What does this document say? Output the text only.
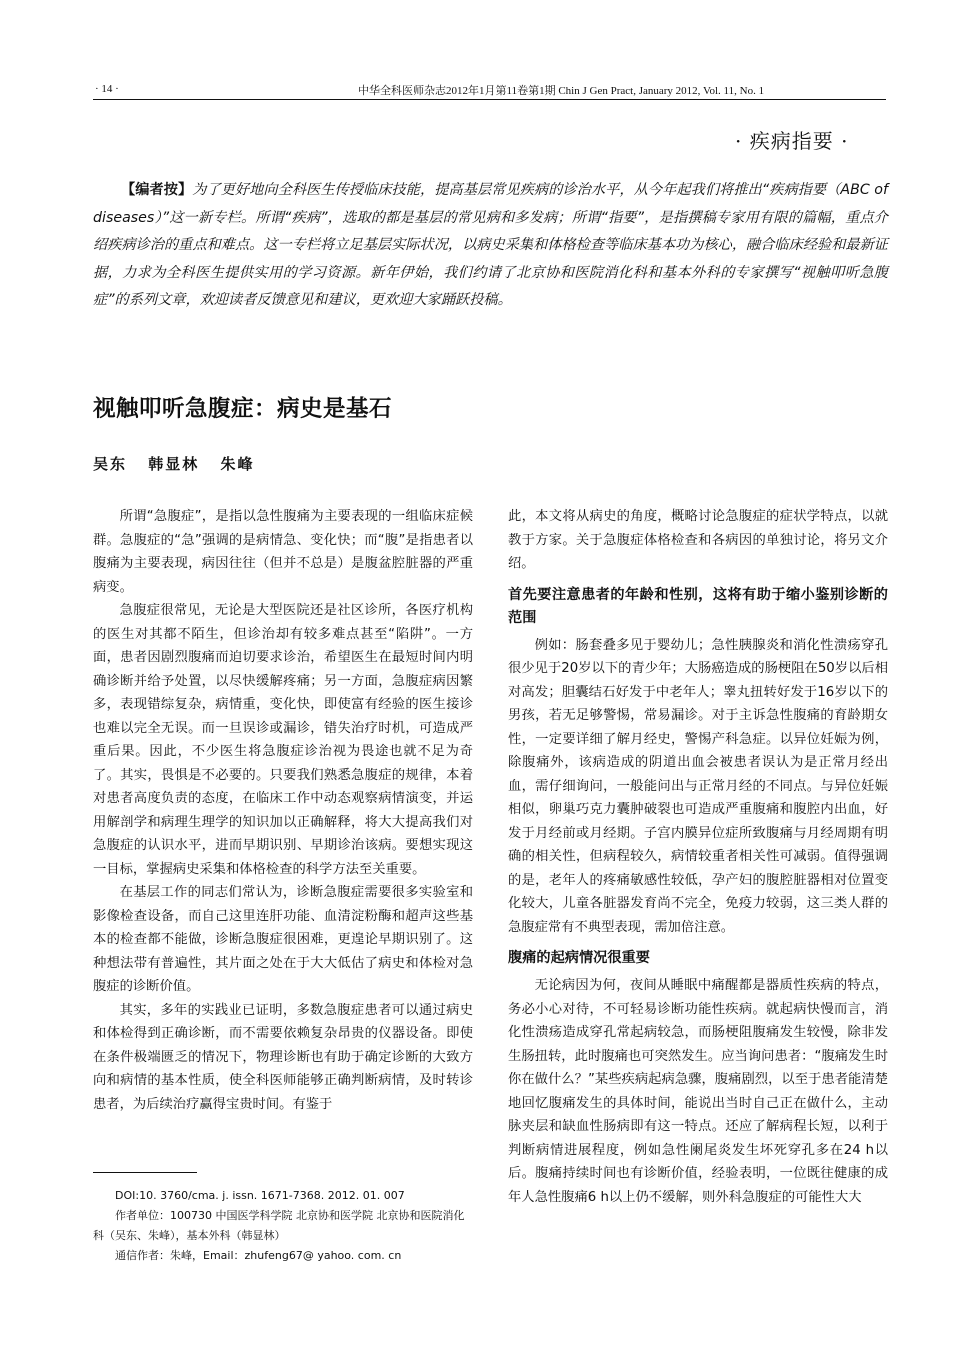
· 14 ·	中华全科医师杂志2012年1月第11卷第1期 Chin J Gen Pract, January 2012, Vol. 11, No. 1
· 疾病指要 ·
【编者按】为了更好地向全科医生传授临床技能，提高基层常见疾病的诊治水平，从今年起我们将推出“疾病指要（ABC of diseases）”这一新专栏。所谓“疾病”，选取的都是基层的常见病和多发病；所谓“指要”，是指撰稿专家用有限的篇幅，重点介绍疾病诊治的重点和难点。这一专栏将立足基层实际状况，以病史采集和体格检查等临床基本功为核心，融合临床经验和最新证据，力求为全科医生提供实用的学习资源。新年伊始，我们约请了北京协和医院消化科和基本外科的专家撰写“视触叩听急腹症”的系列文章，欢迎读者反馈意见和建议，更欢迎大家踊跃投稿。
视触叩听急腹症：病史是基石
吴东 韩显林 朱峰

所谓“急腹症”，是指以急性腹痛为主要表现的一组临床症候群。急腹症的“急”强调的是病情急、变化快；而“腹”是指患者以腹痛为主要表现，病因往往（但并不总是）是腹盆腔脏器的严重病变。

急腹症很常见，无论是大型医院还是社区诊所，各医疗机构的医生对其都不陌生，但诊治却有较多难点甚至“陷阱”。一方面，患者因剧烈腹痛而迫切要求诊治，希望医生在最短时间内明确诊断并给予处置，以尽快缓解疼痛；另一方面，急腹症病因繁多，表现错综复杂，病情重，变化快，即使富有经验的医生接诊也难以完全无误。而一旦误诊或漏诊，错失治疗时机，可造成严重后果。因此，不少医生将急腹症诊治视为畏途也就不足为奇了。其实，畏惧是不必要的。只要我们熟悉急腹症的规律，本着对患者高度负责的态度，在临床工作中动态观察病情演变，并运用解剖学和病理生理学的知识加以正确解释，将大大提高我们对急腹症的认识水平，进而早期识别、早期诊治该病。要想实现这一目标，掌握病史采集和体格检查的科学方法至关重要。

在基层工作的同志们常认为，诊断急腹症需要很多实验室和影像检查设备，而自己这里连肝功能、血清淀粉酶和超声这些基本的检查都不能做，诊断急腹症很困难，更遑论早期识别了。这种想法带有普遍性，其片面之处在于大大低估了病史和体检对急腹症的诊断价值。

其实，多年的实践业已证明，多数急腹症患者可以通过病史和体检得到正确诊断，而不需要依赖复杂昂贵的仪器设备。即使在条件极端匮乏的情况下，物理诊断也有助于确定诊断的大致方向和病情的基本性质，使全科医师能够正确判断病情，及时转诊患者，为后续治疗赢得宝贵时间。有鉴于

DOI:10. 3760/cma. j. issn. 1671-7368. 2012. 01. 007
作者单位：100730 中国医学科学院 北京协和医学院 北京协和医院消化科（吴东、朱峰），基本外科（韩显林）
通信作者：朱峰，Email：zhufeng67@ yahoo. com. cn

此，本文将从病史的角度，概略讨论急腹症的症状学特点，以就教于方家。关于急腹症体格检查和各病因的单独讨论，将另文介绍。

首先要注意患者的年龄和性别，这将有助于缩小鉴别诊断的范围

例如：肠套叠多见于婴幼儿；急性胰腺炎和消化性溃疡穿孔很少见于20岁以下的青少年；大肠癌造成的肠梗阻在50岁以后相对高发；胆囊结石好发于中老年人；睾丸扭转好发于16岁以下的男孩，若无足够警惕，常易漏诊。对于主诉急性腹痛的育龄期女性，一定要详细了解月经史，警惕产科急症。以异位妊娠为例，除腹痛外，该病造成的阴道出血会被患者误认为是正常月经出血，需仔细询问，一般能问出与正常月经的不同点。与异位妊娠相似，卵巢巧克力囊肿破裂也可造成严重腹痛和腹腔内出血，好发于月经前或月经期。子宫内膜异位症所致腹痛与月经周期有明确的相关性，但病程较久，病情较重者相关性可减弱。值得强调的是，老年人的疼痛敏感性较低，孕产妇的腹腔脏器相对位置变化较大，儿童各脏器发育尚不完全，免疫力较弱，这三类人群的急腹症常有不典型表现，需加倍注意。

腹痛的起病情况很重要

无论病因为何，夜间从睡眠中痛醒都是器质性疾病的特点，务必小心对待，不可轻易诊断功能性疾病。就起病快慢而言，消化性溃疡造成穿孔常起病较急，而肠梗阻腹痛发生较慢，除非发生肠扭转，此时腹痛也可突然发生。应当询问患者：“腹痛发生时你在做什么？”某些疾病起病急骤，腹痛剧烈，以至于患者能清楚地回忆腹痛发生的具体时间，能说出当时自己正在做什么，主动脉夹层和缺血性肠病即有这一特点。还应了解病程长短，以利于判断病情进展程度，例如急性阑尾炎发生坏死穿孔多在24 h以后。腹痛持续时间也有诊断价值，经验表明，一位既往健康的成年人急性腹痛6 h以上仍不缓解，则外科急腹症的可能性大大
